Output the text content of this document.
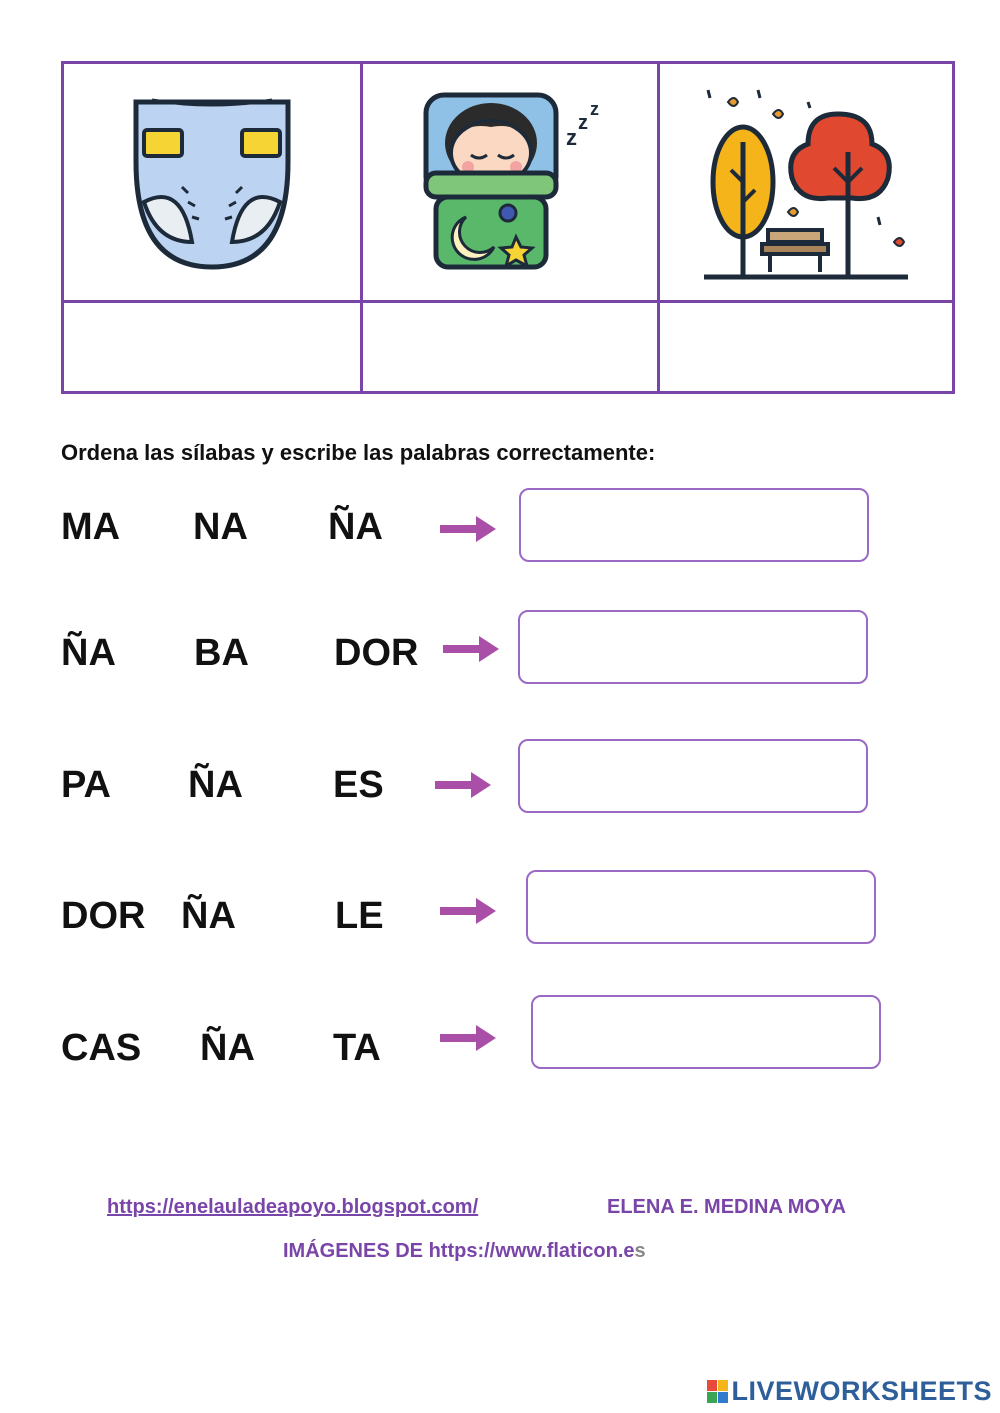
z
z
z
Ordena las sílabas y escribe las palabras correctamente:
MA NA ÑA
ÑA BA DOR
PA ÑA ES
DOR ÑA	LE
CAS ÑA TA
https://enelauladeapoyo.blogspot.com/	ELENA E. MEDINA MOYA
IMÁGENES DE https://www.flaticon.es
LIVEWORKSHEETS
